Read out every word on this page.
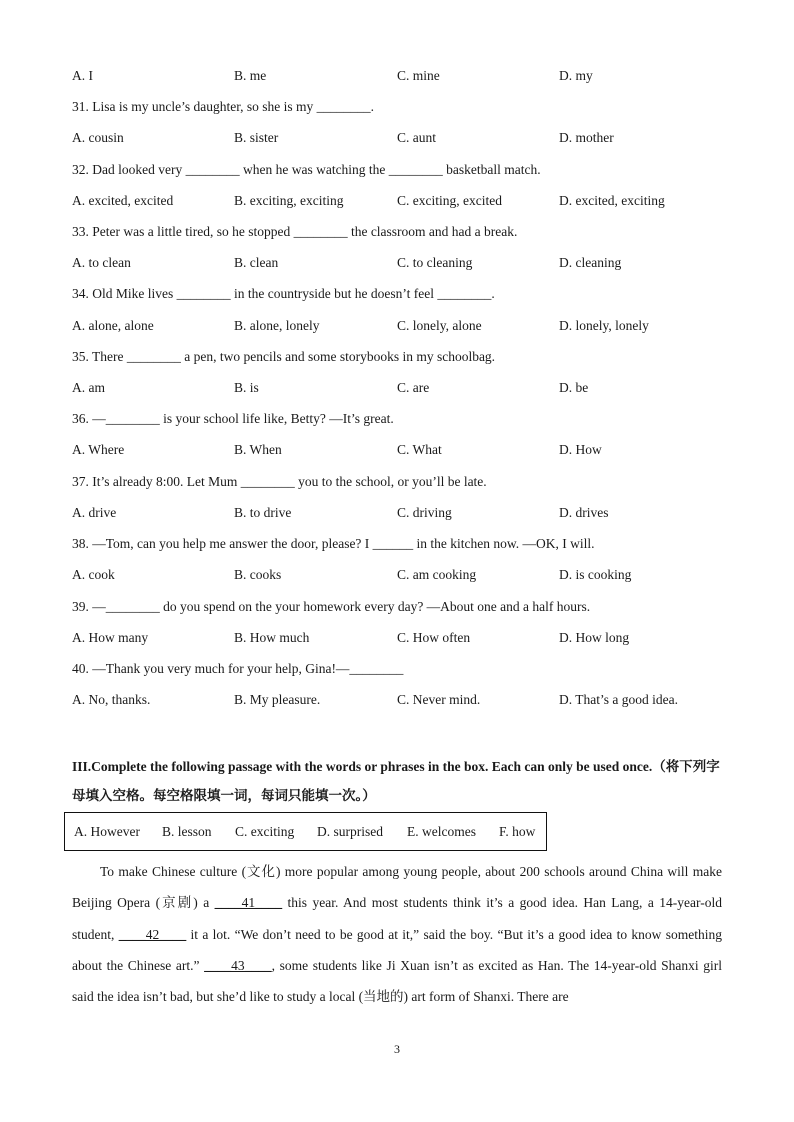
A. I	B. me	C. mine	D. my
31. Lisa is my uncle’s daughter, so she is my ________.
A. cousin	B. sister	C. aunt	D. mother
32. Dad looked very ________ when he was watching the ________ basketball match.
A. excited, excited	B. exciting, exciting	C. exciting, excited	D. excited, exciting
33. Peter was a little tired, so he stopped ________ the classroom and had a break.
A. to clean	B. clean	C. to cleaning	D. cleaning
34. Old Mike lives ________ in the countryside but he doesn’t feel ________.
A. alone, alone	B. alone, lonely	C. lonely, alone	D. lonely, lonely
35. There ________ a pen, two pencils and some storybooks in my schoolbag.
A. am	B. is	C. are	D. be
36. —________ is your school life like, Betty? —It’s great.
A. Where	B. When	C. What	D. How
37. It’s already 8:00. Let Mum ________ you to the school, or you’ll be late.
A. drive	B. to drive	C. driving	D. drives
38. —Tom, can you help me answer the door, please? I ______ in the kitchen now. —OK, I will.
A. cook	B. cooks	C. am cooking	D. is cooking
39. —________ do you spend on the your homework every day? —About one and a half hours.
A. How many	B. How much	C. How often	D. How long
40. —Thank you very much for your help, Gina!—________
A. No, thanks.	B. My pleasure.	C. Never mind.	D. That’s a good idea.
III.Complete the following passage with the words or phrases in the box. Each can only be used once.（将下列字母填入空格。每空格限填一词，每词只能填一次。）
A. However B. lesson C. exciting D. surprised E. welcomes F. how

To make Chinese culture (文化) more popular among young people, about 200 schools around China will make Beijing Opera (京剧) a ____41____ this year. And most students think it’s a good idea. Han Lang, a 14-year-old student, ____42____ it a lot. “We don’t need to be good at it,” said the boy. “But it’s a good idea to know something about the Chinese art.” ____43____, some students like Ji Xuan isn’t as excited as Han. The 14-year-old Shanxi girl said the idea isn’t bad, but she’d like to study a local (当地的) art form of Shanxi. There are

3
